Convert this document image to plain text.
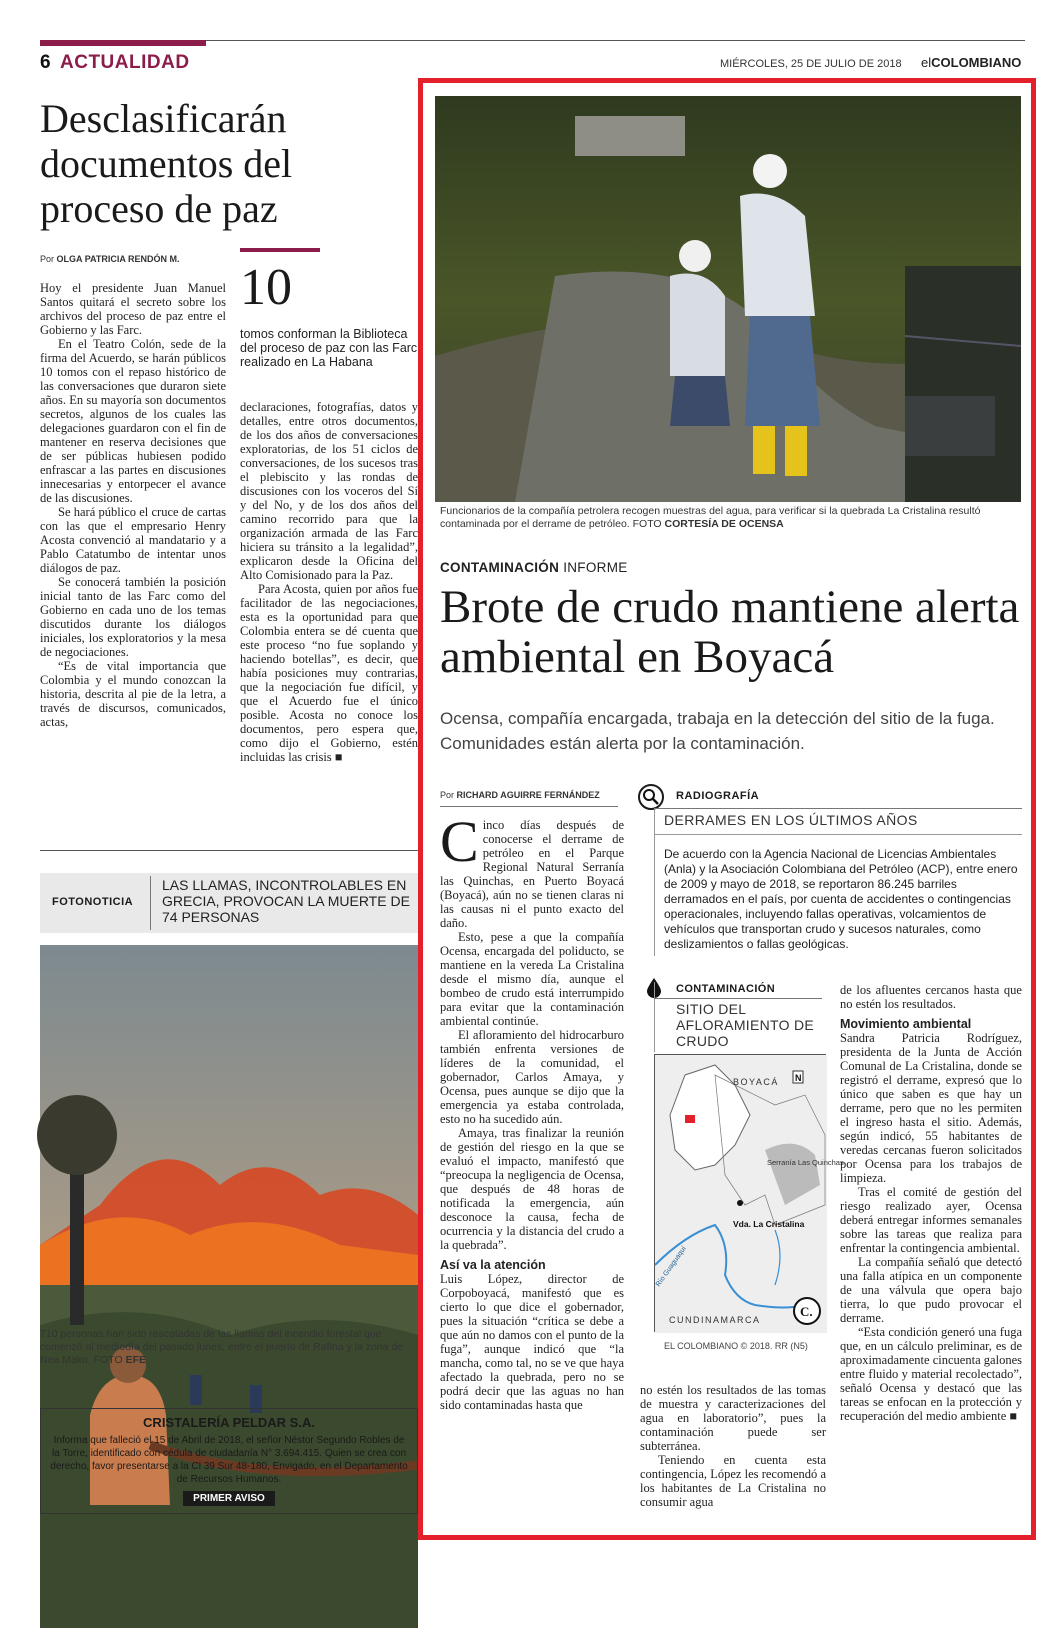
6 ACTUALIDAD	MIÉRCOLES, 25 DE JULIO DE 2018 elCOLOMBIANO
Desclasificarán documentos del proceso de paz
Por OLGA PATRICIA RENDÓN M. 10
tomos conforman la Biblioteca del proceso de paz con las Farc realizado en La Habana

Hoy el presidente Juan Manuel Santos quitará el secreto sobre los archivos del proceso de paz entre el Gobierno y las Farc.

En el Teatro Colón, sede de la firma del Acuerdo, se harán públicos 10 tomos con el repaso histórico de las conversaciones que duraron siete años. En su mayoría son documentos secretos, algunos de los cuales las delegaciones guardaron con el fin de mantener en reserva decisiones que de ser públicas hubiesen podido enfrascar a las partes en discusiones innecesarias y entorpecer el avance de las discusiones.

Se hará público el cruce de cartas con las que el empresario Henry Acosta convenció al mandatario y a Pablo Catatumbo de intentar unos diálogos de paz.

Se conocerá también la posición inicial tanto de las Farc como del Gobierno en cada uno de los temas discutidos durante los diálogos iniciales, los exploratorios y la mesa de negociaciones.

“Es de vital importancia que Colombia y el mundo conozcan la historia, descrita al pie de la letra, a través de discursos, comunicados, actas,

declaraciones, fotografías, datos y detalles, entre otros documentos, de los dos años de conversaciones exploratorias, de los 51 ciclos de conversaciones, de los sucesos tras el plebiscito y las rondas de discusiones con los voceros del Sí y del No, y de los dos años del camino recorrido para que la organización armada de las Farc hiciera su tránsito a la legalidad”, explicaron desde la Oficina del Alto Comisionado para la Paz.

Para Acosta, quien por años fue facilitador de las negociaciones, esta es la oportunidad para que Colombia entera se dé cuenta que este proceso “no fue soplando y haciendo botellas”, es decir, que había posiciones muy contrarias, que la negociación fue difícil, y que el Acuerdo fue el único posible. Acosta no conoce los documentos, pero espera que, como dijo el Gobierno, estén incluidas las crisis ■

FOTONOTICIA
LAS LLAMAS, INCONTROLABLES EN GRECIA, PROVOCAN LA MUERTE DE 74 PERSONAS
CRISTALERÍA PELDAR S.A.
Informa que falleció el 15 de Abril de 2018, el señor Néstor Segundo Robles de la Torre, identificado con cédula de ciudadanía N° 3.694.415. Quien se crea con derecho, favor presentarse a la Cl 39 Sur 48-180, Envigado, en el Departamento de Recursos Humanos.
PRIMER AVISO
Funcionarios de la compañía petrolera recogen muestras del agua, para verificar si la quebrada La Cristalina resultó contaminada por el derrame de petróleo. FOTO CORTESÍA DE OCENSA
CONTAMINACIÓN INFORME
Brote de crudo mantiene alerta ambiental en Boyacá
Ocensa, compañía encargada, trabaja en la detección del sitio de la fuga. Comunidades están alerta por la contaminación.
Por RICHARD AGUIRRE FERNÁNDEZ

Cinco días después de conocerse el derrame de petróleo en el Parque Regional Natural Serranía las Quinchas, en Puerto Boyacá (Boyacá), aún no se tienen claras ni las causas ni el punto exacto del daño.

Esto, pese a que la compañía Ocensa, encargada del poliducto, se mantiene en la vereda La Cristalina desde el mismo día, aunque el bombeo de crudo está interrumpido para evitar que la contaminación ambiental continúe.

El afloramiento del hidrocarburo también enfrenta versiones de líderes de la comunidad, el gobernador, Carlos Amaya, y Ocensa, pues aunque se dijo que la emergencia ya estaba controlada, esto no ha sucedido aún.

Amaya, tras finalizar la reunión de gestión del riesgo en la que se evaluó el impacto, manifestó que “preocupa la negligencia de Ocensa, que después de 48 horas de notificada la emergencia, aún desconoce la causa, fecha de ocurrencia y la distancia del crudo a la quebrada”.

Así va la atención

Luis López, director de Corpoboyacá, manifestó que es cierto lo que dice el gobernador, pues la situación “crítica se debe a que aún no damos con el punto de la fuga”, aunque indicó que “la mancha, como tal, no se ve que haya afectado la quebrada, pero no se podrá decir que las aguas no han sido contaminadas hasta que

no estén los resultados de las tomas de muestra y caracterizaciones del agua en laboratorio”, pues la contaminación puede ser subterránea.

Teniendo en cuenta esta contingencia, López les recomendó a los habitantes de La Cristalina no consumir agua

de los afluentes cercanos hasta que no estén los resultados.

Movimiento ambiental

Sandra Patricia Rodríguez, presidenta de la Junta de Acción Comunal de La Cristalina, donde se registró el derrame, expresó que lo único que saben es que hay un derrame, pero que no les permiten el ingreso hasta el sitio. Además, según indicó, 55 habitantes de veredas cercanas fueron solicitados por Ocensa para los trabajos de limpieza.

Tras el comité de gestión del riesgo realizado ayer, Ocensa deberá entregar informes semanales sobre las tareas que realiza para enfrentar la contingencia ambiental.

La compañía señaló que detectó una falla atípica en un componente de una válvula que opera bajo tierra, lo que pudo provocar el derrame.

“Esta condición generó una fuga que, en un cálculo preliminar, es de aproximadamente cincuenta galones entre fluido y material recolectado”, señaló Ocensa y destacó que las tareas se enfocan en la protección y recuperación del medio ambiente ■

RADIOGRAFÍA
DERRAMES EN LOS ÚLTIMOS AÑOS
De acuerdo con la Agencia Nacional de Licencias Ambientales (Anla) y la Asociación Colombiana del Petróleo (ACP), entre enero de 2009 y mayo de 2018, se reportaron 86.245 barriles derramados en el país, por cuenta de accidentes o contingencias operacionales, incluyendo fallas operativas, volcamientos de vehículos que transportan crudo y sucesos naturales, como deslizamientos o fallas geológicas.
CONTAMINACIÓN
SITIO DEL AFLORAMIENTO DE CRUDO
BOYACÁ N
Serranía Las Quinchas
Vda. La Cristalina
Río Guaguaquí
CUNDINAMARCA
C.
EL COLOMBIANO © 2018. RR (N5)
710 personas han sido rescatadas de las llamas del incendio forestal que comenzó al mediodía del pasado lunes, entre el puerto de Rafina y la zona de Nea Makri. FOTO EFE
